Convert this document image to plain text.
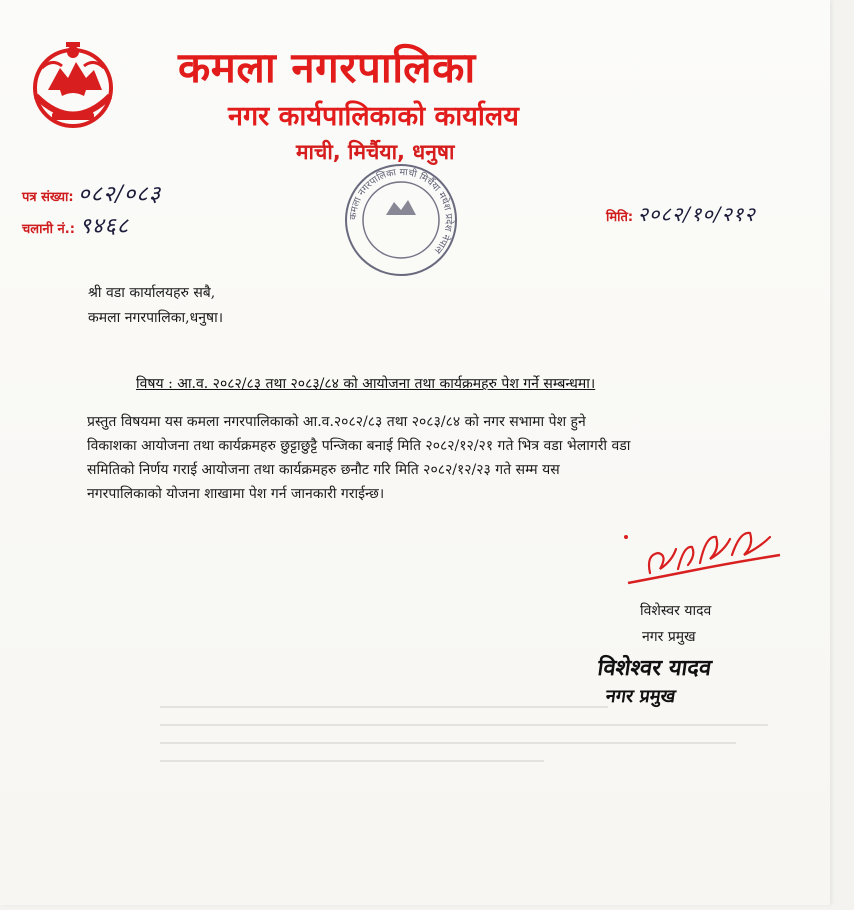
कमला नगरपालिका
नगर कार्यपालिकाको कार्यालय
माची, मिर्चैया, धनुषा
पत्र संख्या: ०८२/०८३
चलानी नं.: ९४६८	मिति: २०८२/१०/२१२
कमला नगरपालिका माची मिर्चैया मधेश प्रदेश नेपाल
श्री वडा कार्यालयहरु सबै,
कमला नगरपालिका,धनुषा।
विषय : आ.व. २०८२/८३ तथा २०८३/८४ को आयोजना तथा कार्यक्रमहरु पेश गर्ने सम्बन्धमा।
प्रस्तुत विषयमा यस कमला नगरपालिकाको आ.व.२०८२/८३ तथा २०८३/८४ को नगर सभामा पेश हुने
विकाशका आयोजना तथा कार्यक्रमहरु छुट्टाछुट्टै पन्जिका बनाई मिति २०८२/१२/२१ गते भित्र वडा भेलागरी वडा
समितिको निर्णय गराई आयोजना तथा कार्यक्रमहरु छनौट गरि मिति २०८२/१२/२३ गते सम्म यस
नगरपालिकाको योजना शाखामा पेश गर्न जानकारी गराईन्छ।
विशेस्वर यादव
नगर प्रमुख
विशेश्वर यादव
नगर प्रमुख
